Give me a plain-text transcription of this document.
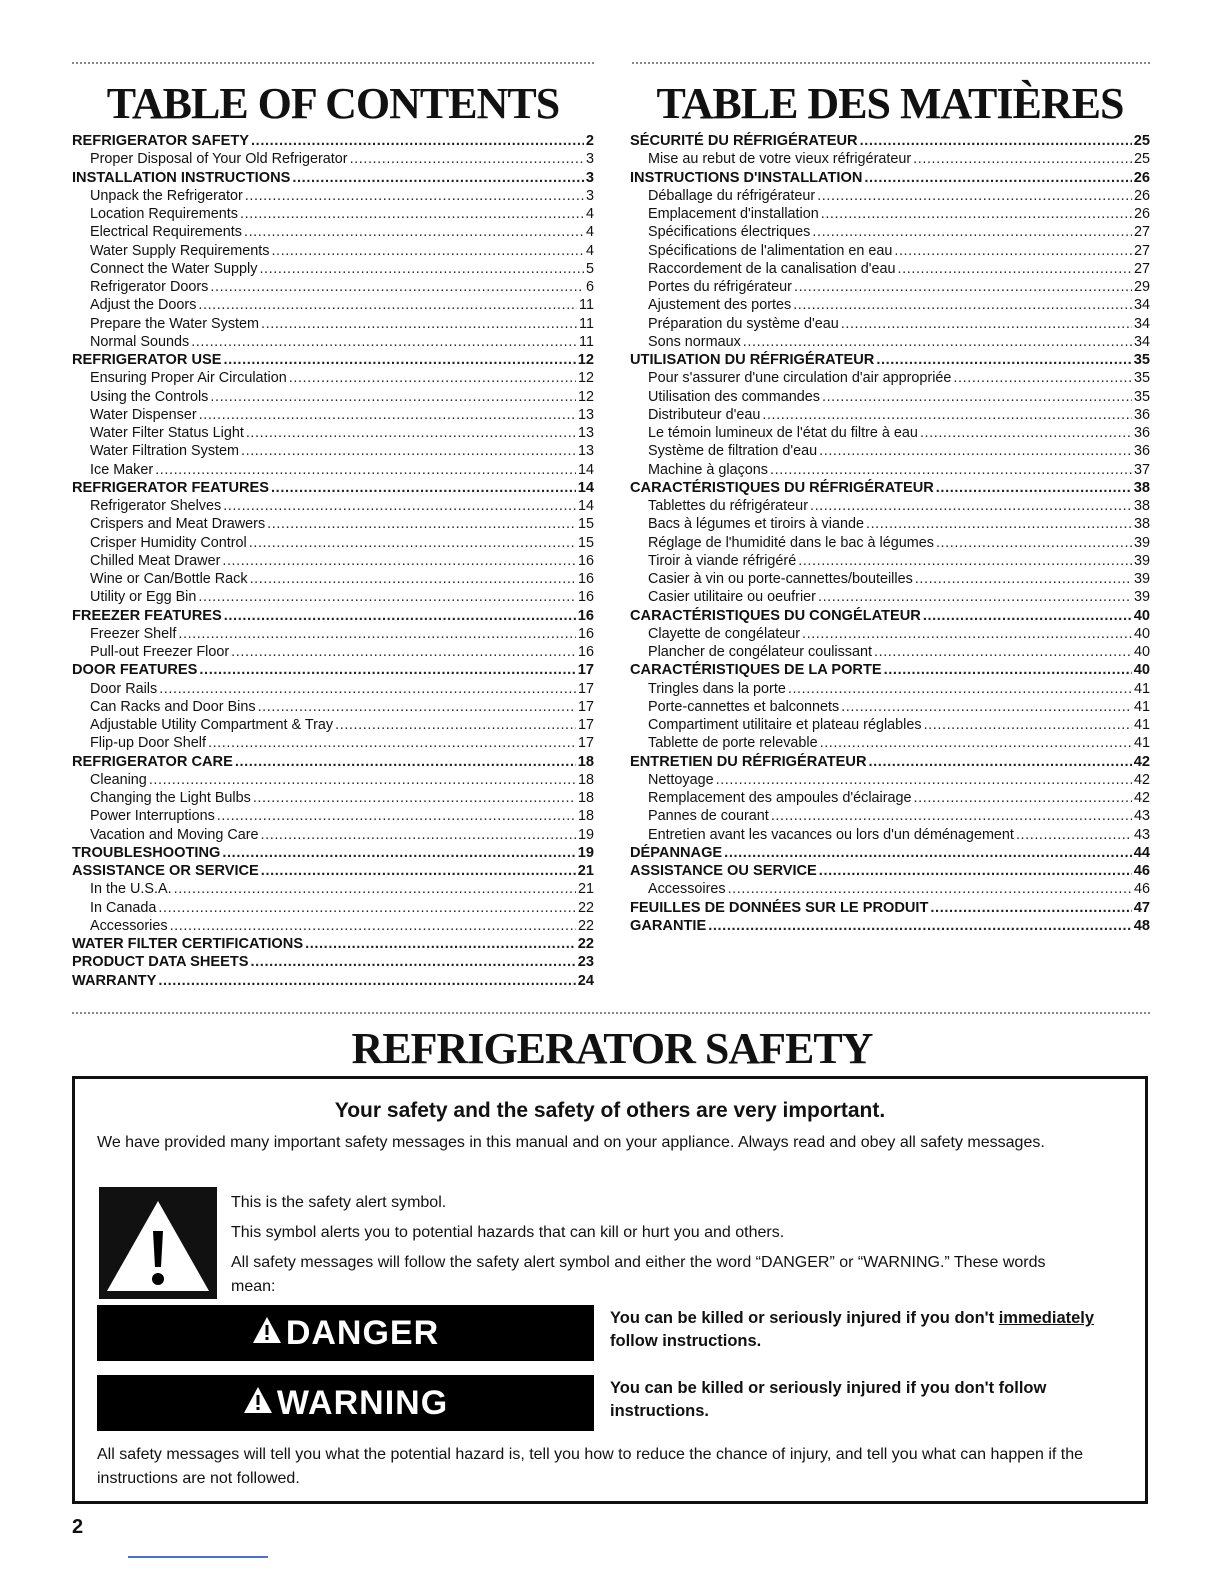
TABLE OF CONTENTS
REFRIGERATOR SAFETY .....	2
Proper Disposal of Your Old Refrigerator .....	3
INSTALLATION INSTRUCTIONS .....	3
Unpack the Refrigerator .....	3
Location Requirements .....	4
Electrical Requirements .....	4
Water Supply Requirements .....	4
Connect the Water Supply .....	5
Refrigerator Doors .....	6
Adjust the Doors .....	11
Prepare the Water System .....	11
Normal Sounds .....	11
REFRIGERATOR USE .....	12
Ensuring Proper Air Circulation .....	12
Using the Controls .....	12
Water Dispenser .....	13
Water Filter Status Light .....	13
Water Filtration System .....	13
Ice Maker .....	14
REFRIGERATOR FEATURES .....	14
Refrigerator Shelves .....	14
Crispers and Meat Drawers .....	15
Crisper Humidity Control .....	15
Chilled Meat Drawer .....	16
Wine or Can/Bottle Rack .....	16
Utility or Egg Bin .....	16
FREEZER FEATURES .....	16
Freezer Shelf .....	16
Pull-out Freezer Floor .....	16
DOOR FEATURES .....	17
Door Rails .....	17
Can Racks and Door Bins .....	17
Adjustable Utility Compartment & Tray .....	17
Flip-up Door Shelf .....	17
REFRIGERATOR CARE .....	18
Cleaning .....	18
Changing the Light Bulbs .....	18
Power Interruptions .....	18
Vacation and Moving Care .....	19
TROUBLESHOOTING .....	19
ASSISTANCE OR SERVICE .....	21
In the U.S.A. .....	21
In Canada .....	22
Accessories .....	22
WATER FILTER CERTIFICATIONS .....	22
PRODUCT DATA SHEETS .....	23
WARRANTY .....	24
TABLE DES MATIÈRES
SÉCURITÉ DU RÉFRIGÉRATEUR .....	25
Mise au rebut de votre vieux réfrigérateur .....	25
INSTRUCTIONS D'INSTALLATION .....	26
Déballage du réfrigérateur .....	26
Emplacement d'installation .....	26
Spécifications électriques .....	27
Spécifications de l'alimentation en eau .....	27
Raccordement de la canalisation d'eau .....	27
Portes du réfrigérateur .....	29
Ajustement des portes .....	34
Préparation du système d'eau .....	34
Sons normaux .....	34
UTILISATION DU RÉFRIGÉRATEUR .....	35
Pour s'assurer d'une circulation d'air appropriée .....	35
Utilisation des commandes .....	35
Distributeur d'eau .....	36
Le témoin lumineux de l'état du filtre à eau .....	36
Système de filtration d'eau .....	36
Machine à glaçons .....	37
CARACTÉRISTIQUES DU RÉFRIGÉRATEUR .....	38
Tablettes du réfrigérateur .....	38
Bacs à légumes et tiroirs à viande .....	38
Réglage de l'humidité dans le bac à légumes .....	39
Tiroir à viande réfrigéré .....	39
Casier à vin ou porte-cannettes/bouteilles .....	39
Casier utilitaire ou oeufrier .....	39
CARACTÉRISTIQUES DU CONGÉLATEUR .....	40
Clayette de congélateur .....	40
Plancher de congélateur coulissant .....	40
CARACTÉRISTIQUES DE LA PORTE .....	40
Tringles dans la porte .....	41
Porte-cannettes et balconnets .....	41
Compartiment utilitaire et plateau réglables .....	41
Tablette de porte relevable .....	41
ENTRETIEN DU RÉFRIGÉRATEUR .....	42
Nettoyage .....	42
Remplacement des ampoules d'éclairage .....	42
Pannes de courant .....	43
Entretien avant les vacances ou lors d'un déménagement .....	43
DÉPANNAGE .....	44
ASSISTANCE OU SERVICE .....	46
Accessoires .....	46
FEUILLES DE DONNÉES SUR LE PRODUIT .....	47
GARANTIE .....	48
REFRIGERATOR SAFETY
Your safety and the safety of others are very important.
We have provided many important safety messages in this manual and on your appliance. Always read and obey all safety messages.
This is the safety alert symbol.
This symbol alerts you to potential hazards that can kill or hurt you and others.
All safety messages will follow the safety alert symbol and either the word “DANGER” or “WARNING.” These words mean:
DANGER	You can be killed or seriously injured if you don't immediately follow instructions.
WARNING	You can be killed or seriously injured if you don't follow instructions.
All safety messages will tell you what the potential hazard is, tell you how to reduce the chance of injury, and tell you what can happen if the instructions are not followed.
2
